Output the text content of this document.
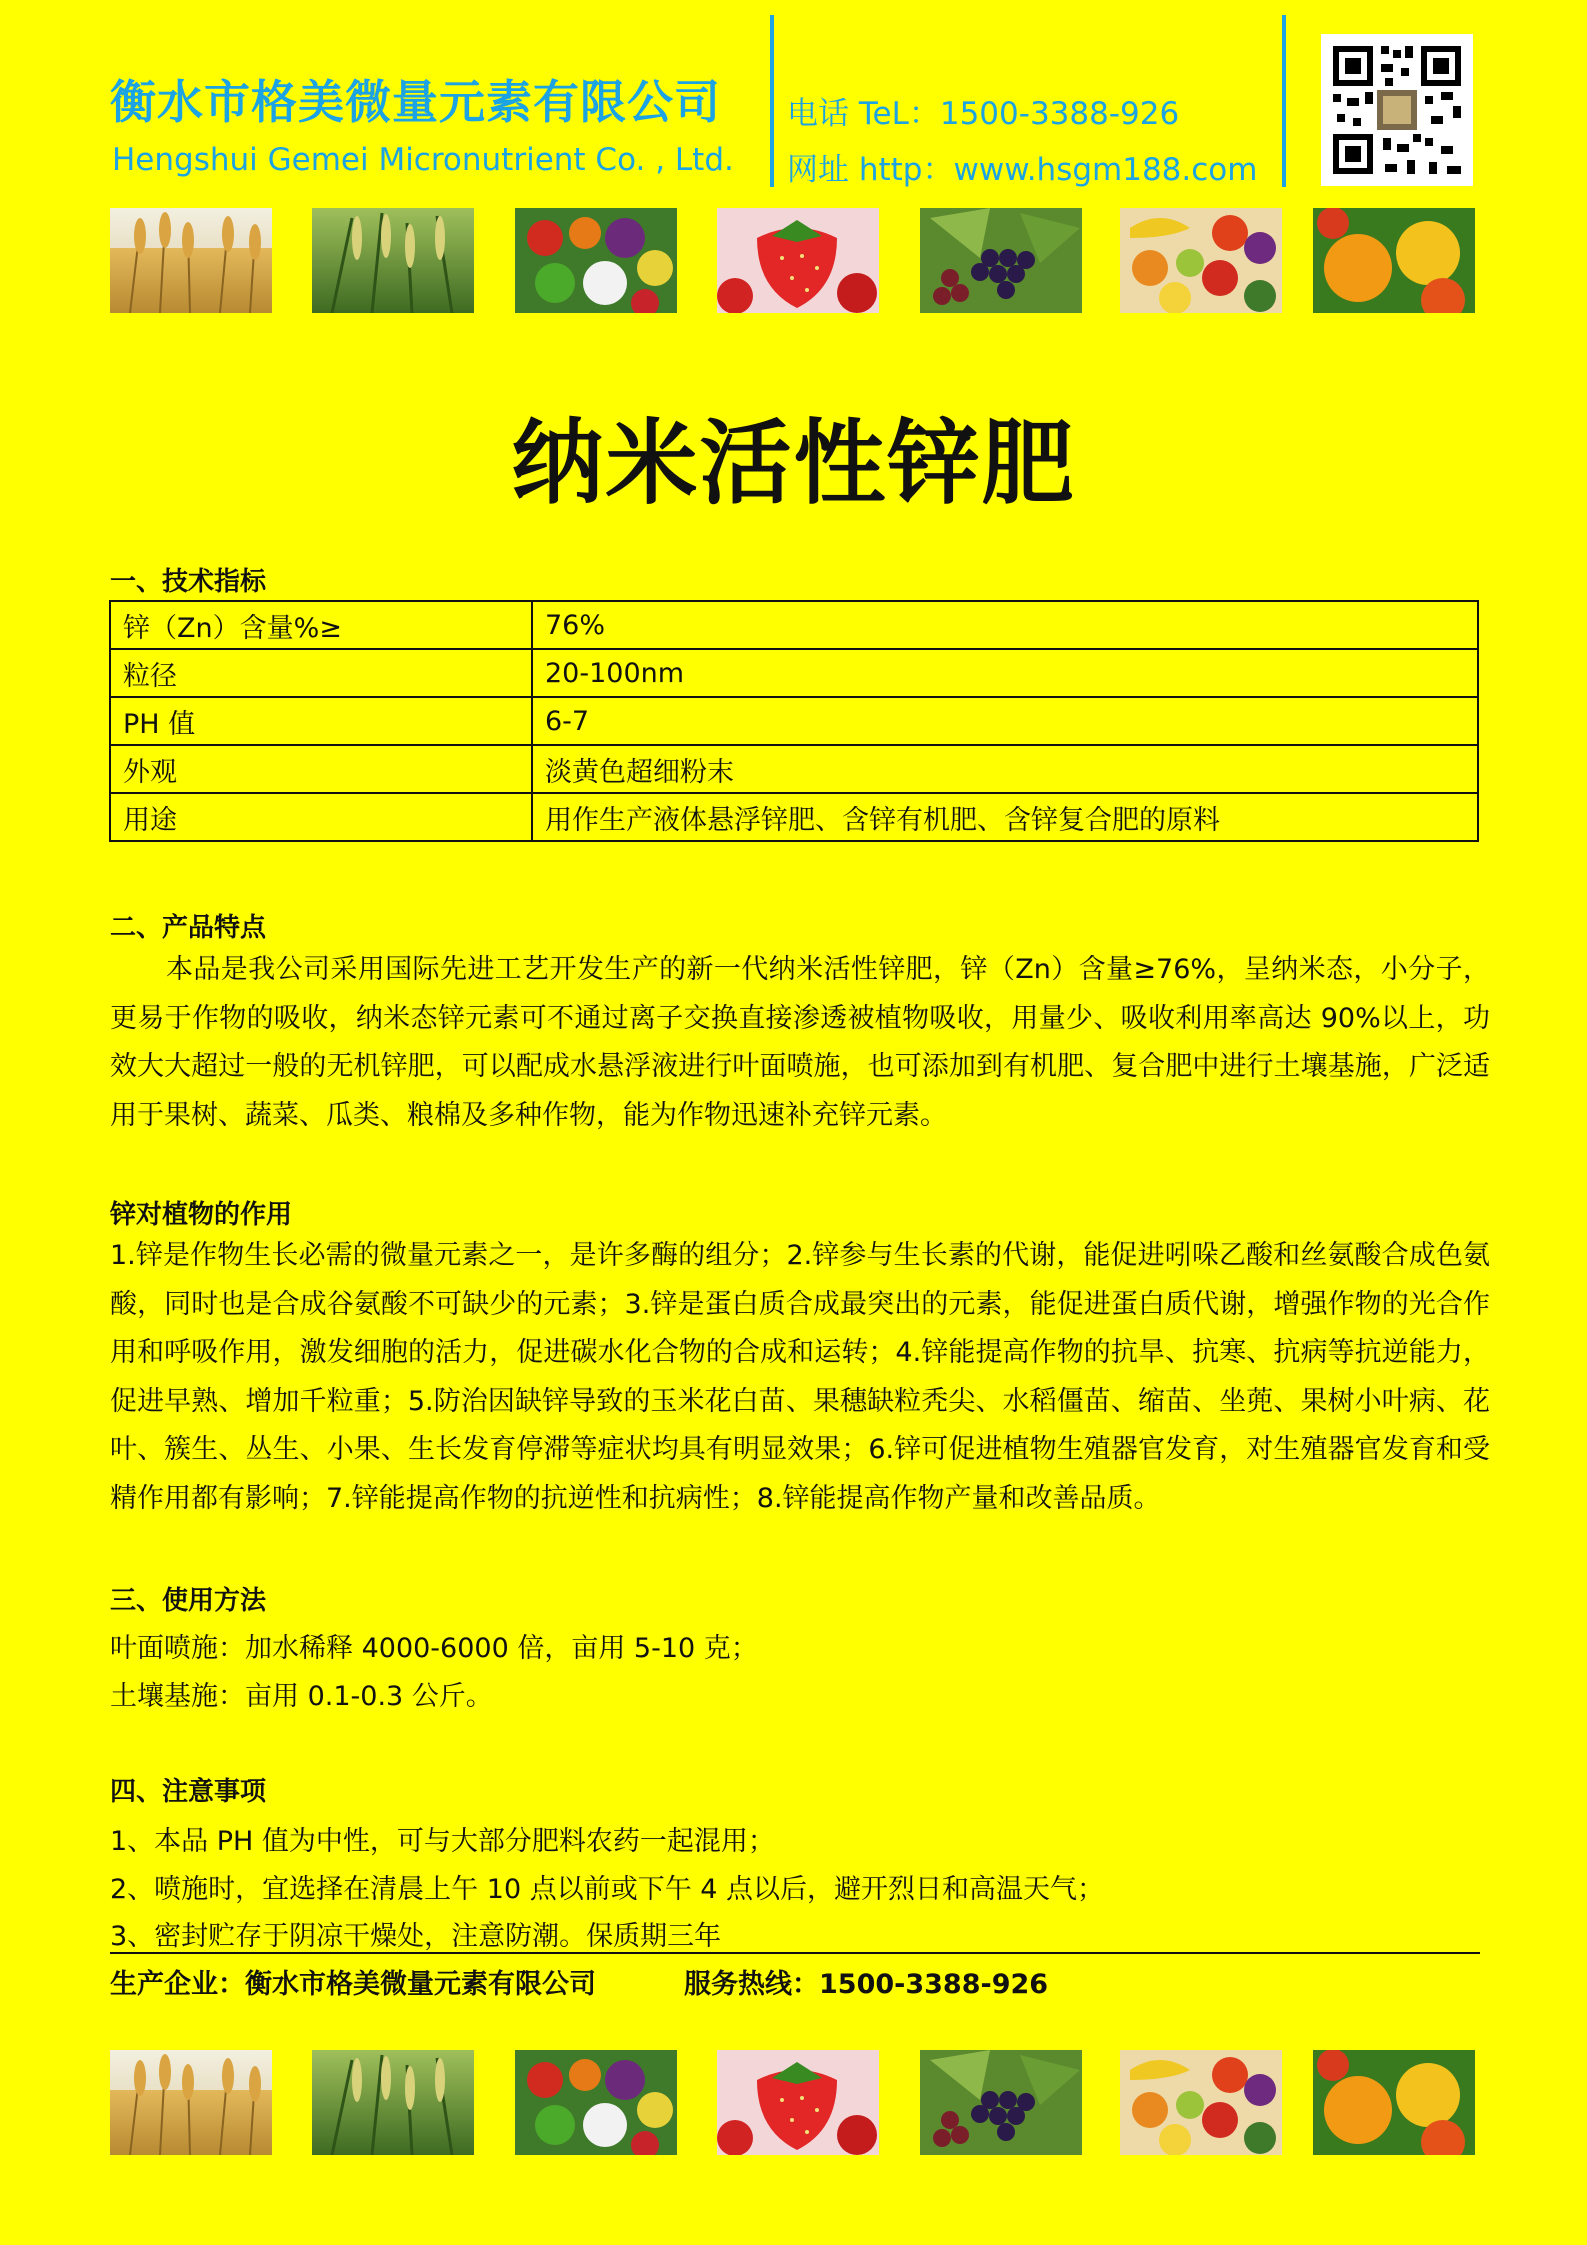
衡水市格美微量元素有限公司
Hengshui Gemei Micronutrient Co. , Ltd.
电话 TeL：1500-3388-926
网址 http：www.hsgm188.com
纳米活性锌肥
一、技术指标
锌（Zn）含量%≥	76%
粒径	20-100nm
PH 值	6-7
外观	淡黄色超细粉末
用途	用作生产液体悬浮锌肥、含锌有机肥、含锌复合肥的原料
二、产品特点
本品是我公司采用国际先进工艺开发生产的新一代纳米活性锌肥，锌（Zn）含量≥76%，呈纳米态，小分子，更易于作物的吸收，纳米态锌元素可不通过离子交换直接渗透被植物吸收，用量少、吸收利用率高达 90%以上，功效大大超过一般的无机锌肥，可以配成水悬浮液进行叶面喷施，也可添加到有机肥、复合肥中进行土壤基施，广泛适用于果树、蔬菜、瓜类、粮棉及多种作物，能为作物迅速补充锌元素。
锌对植物的作用
1.锌是作物生长必需的微量元素之一，是许多酶的组分；2.锌参与生长素的代谢，能促进吲哚乙酸和丝氨酸合成色氨酸，同时也是合成谷氨酸不可缺少的元素；3.锌是蛋白质合成最突出的元素，能促进蛋白质代谢，增强作物的光合作用和呼吸作用，激发细胞的活力，促进碳水化合物的合成和运转；4.锌能提高作物的抗旱、抗寒、抗病等抗逆能力，促进早熟、增加千粒重；5.防治因缺锌导致的玉米花白苗、果穗缺粒秃尖、水稻僵苗、缩苗、坐蔸、果树小叶病、花叶、簇生、丛生、小果、生长发育停滞等症状均具有明显效果；6.锌可促进植物生殖器官发育，对生殖器官发育和受精作用都有影响；7.锌能提高作物的抗逆性和抗病性；8.锌能提高作物产量和改善品质。
三、使用方法
叶面喷施：加水稀释 4000-6000 倍，亩用 5-10 克；
土壤基施：亩用 0.1-0.3 公斤。
四、注意事项
1、本品 PH 值为中性，可与大部分肥料农药一起混用；
2、喷施时，宜选择在清晨上午 10 点以前或下午 4 点以后，避开烈日和高温天气；
3、密封贮存于阴凉干燥处，注意防潮。保质期三年
生产企业：衡水市格美微量元素有限公司	服务热线：1500-3388-926
